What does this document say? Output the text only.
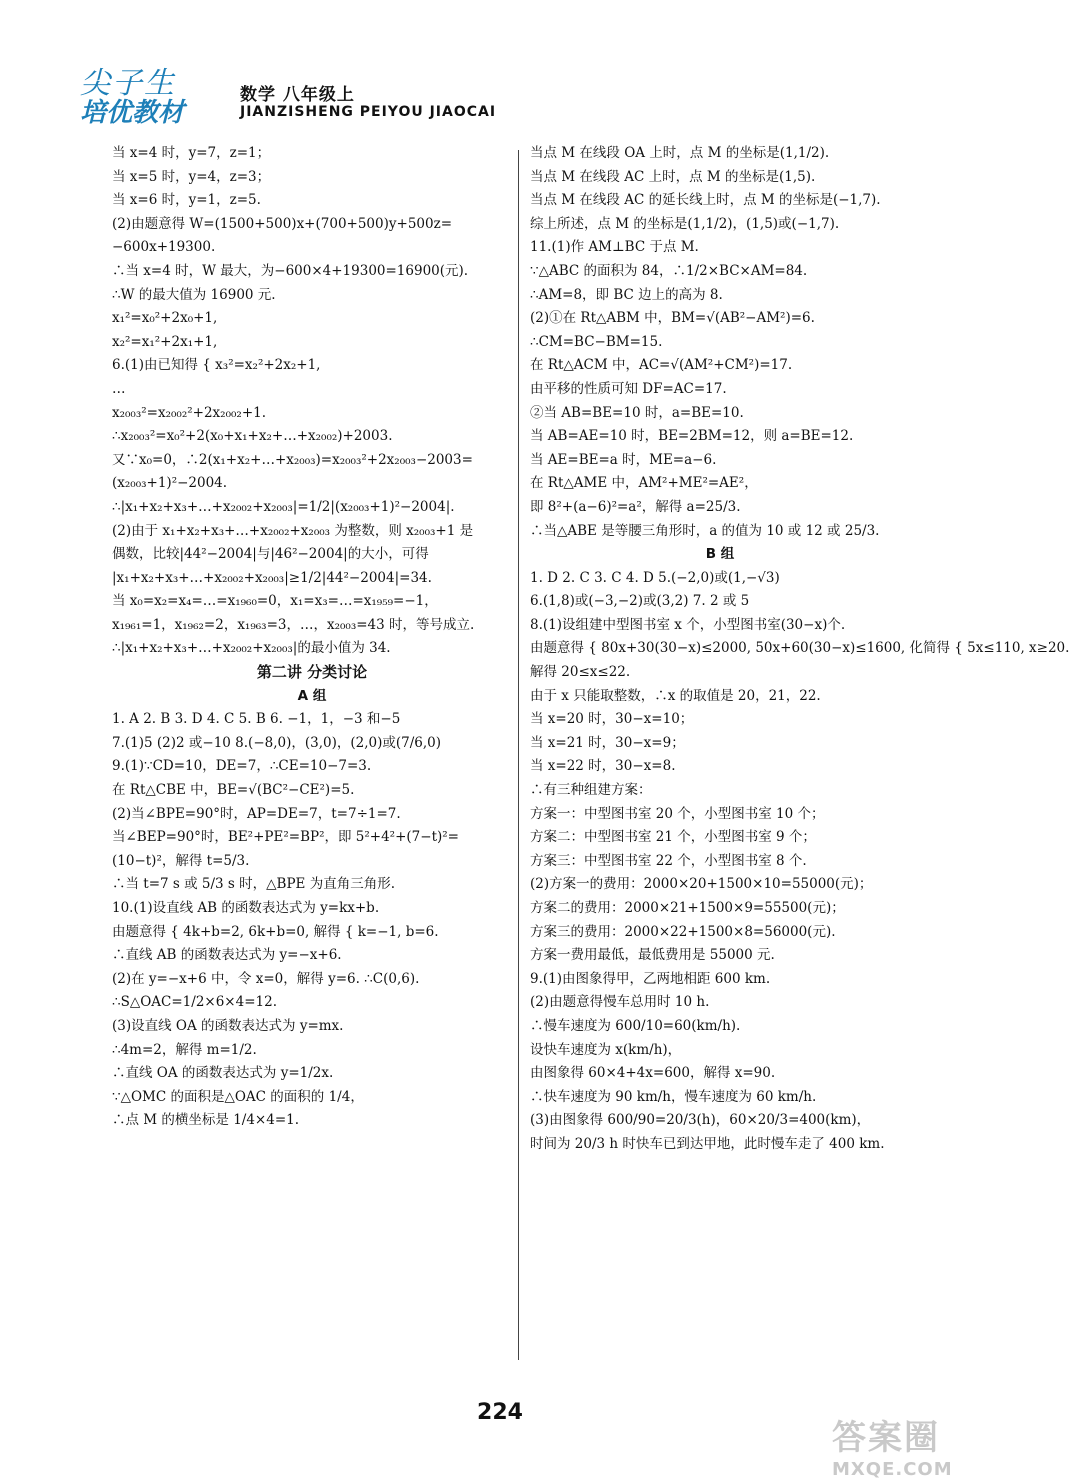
尖子生
培优教材
数学 八年级上
JIANZISHENG PEIYOU JIAOCAI
当 x=4 时，y=7，z=1；
当 x=5 时，y=4，z=3；
当 x=6 时，y=1，z=5.
(2)由题意得 W=(1500+500)x+(700+500)y+500z=
−600x+19300.
∴当 x=4 时，W 最大，为−600×4+19300=16900(元).
∴W 的最大值为 16900 元.
x₁²=x₀²+2x₀+1,
x₂²=x₁²+2x₁+1,
6.(1)由已知得 { x₃²=x₂²+2x₂+1,
…
x₂₀₀₃²=x₂₀₀₂²+2x₂₀₀₂+1.
∴x₂₀₀₃²=x₀²+2(x₀+x₁+x₂+…+x₂₀₀₂)+2003.
又∵x₀=0，∴2(x₁+x₂+…+x₂₀₀₃)=x₂₀₀₃²+2x₂₀₀₃−2003=
(x₂₀₀₃+1)²−2004.
∴|x₁+x₂+x₃+…+x₂₀₀₂+x₂₀₀₃|=1/2|(x₂₀₀₃+1)²−2004|.
(2)由于 x₁+x₂+x₃+…+x₂₀₀₂+x₂₀₀₃ 为整数，则 x₂₀₀₃+1 是
偶数，比较|44²−2004|与|46²−2004|的大小，可得
|x₁+x₂+x₃+…+x₂₀₀₂+x₂₀₀₃|≥1/2|44²−2004|=34.
当 x₀=x₂=x₄=…=x₁₉₆₀=0，x₁=x₃=…=x₁₉₅₉=−1，
x₁₉₆₁=1，x₁₉₆₂=2，x₁₉₆₃=3，…，x₂₀₀₃=43 时，等号成立.
∴|x₁+x₂+x₃+…+x₂₀₀₂+x₂₀₀₃|的最小值为 34.
第二讲 分类讨论
A 组
1. A 2. B 3. D 4. C 5. B 6. −1，1，−3 和−5
7.(1)5 (2)2 或−10 8.(−8,0)，(3,0)，(2,0)或(7/6,0)
9.(1)∵CD=10，DE=7，∴CE=10−7=3.
在 Rt△CBE 中，BE=√(BC²−CE²)=5.
(2)当∠BPE=90°时，AP=DE=7，t=7÷1=7.
当∠BEP=90°时，BE²+PE²=BP²，即 5²+4²+(7−t)²=
(10−t)²，解得 t=5/3.
∴当 t=7 s 或 5/3 s 时，△BPE 为直角三角形.
10.(1)设直线 AB 的函数表达式为 y=kx+b.
由题意得 { 4k+b=2, 6k+b=0, 解得 { k=−1, b=6.
∴直线 AB 的函数表达式为 y=−x+6.
(2)在 y=−x+6 中，令 x=0，解得 y=6. ∴C(0,6).
∴S△OAC=1/2×6×4=12.
(3)设直线 OA 的函数表达式为 y=mx.
∴4m=2，解得 m=1/2.
∴直线 OA 的函数表达式为 y=1/2x.
∵△OMC 的面积是△OAC 的面积的 1/4，
∴点 M 的横坐标是 1/4×4=1.
当点 M 在线段 OA 上时，点 M 的坐标是(1,1/2).
当点 M 在线段 AC 上时，点 M 的坐标是(1,5).
当点 M 在线段 AC 的延长线上时，点 M 的坐标是(−1,7).
综上所述，点 M 的坐标是(1,1/2)，(1,5)或(−1,7).
11.(1)作 AM⊥BC 于点 M.
∵△ABC 的面积为 84，∴1/2×BC×AM=84.
∴AM=8，即 BC 边上的高为 8.
(2)①在 Rt△ABM 中，BM=√(AB²−AM²)=6.
∴CM=BC−BM=15.
在 Rt△ACM 中，AC=√(AM²+CM²)=17.
由平移的性质可知 DF=AC=17.
②当 AB=BE=10 时，a=BE=10.
当 AB=AE=10 时，BE=2BM=12，则 a=BE=12.
当 AE=BE=a 时，ME=a−6.
在 Rt△AME 中，AM²+ME²=AE²，
即 8²+(a−6)²=a²，解得 a=25/3.
∴当△ABE 是等腰三角形时，a 的值为 10 或 12 或 25/3.
B 组
1. D 2. C 3. C 4. D 5.(−2,0)或(1,−√3)
6.(1,8)或(−3,−2)或(3,2) 7. 2 或 5
8.(1)设组建中型图书室 x 个，小型图书室(30−x)个.
由题意得 { 80x+30(30−x)≤2000, 50x+60(30−x)≤1600, 化简得 { 5x≤110, x≥20.
解得 20≤x≤22.
由于 x 只能取整数，∴x 的取值是 20，21，22.
当 x=20 时，30−x=10；
当 x=21 时，30−x=9；
当 x=22 时，30−x=8.
∴有三种组建方案：
方案一：中型图书室 20 个，小型图书室 10 个；
方案二：中型图书室 21 个，小型图书室 9 个；
方案三：中型图书室 22 个，小型图书室 8 个.
(2)方案一的费用：2000×20+1500×10=55000(元)；
方案二的费用：2000×21+1500×9=55500(元)；
方案三的费用：2000×22+1500×8=56000(元).
方案一费用最低，最低费用是 55000 元.
9.(1)由图象得甲，乙两地相距 600 km.
(2)由题意得慢车总用时 10 h.
∴慢车速度为 600/10=60(km/h).
设快车速度为 x(km/h)，
由图象得 60×4+4x=600，解得 x=90.
∴快车速度为 90 km/h，慢车速度为 60 km/h.
(3)由图象得 600/90=20/3(h)，60×20/3=400(km)，
时间为 20/3 h 时快车已到达甲地，此时慢车走了 400 km.
224
答案圈
MXQE.COM
